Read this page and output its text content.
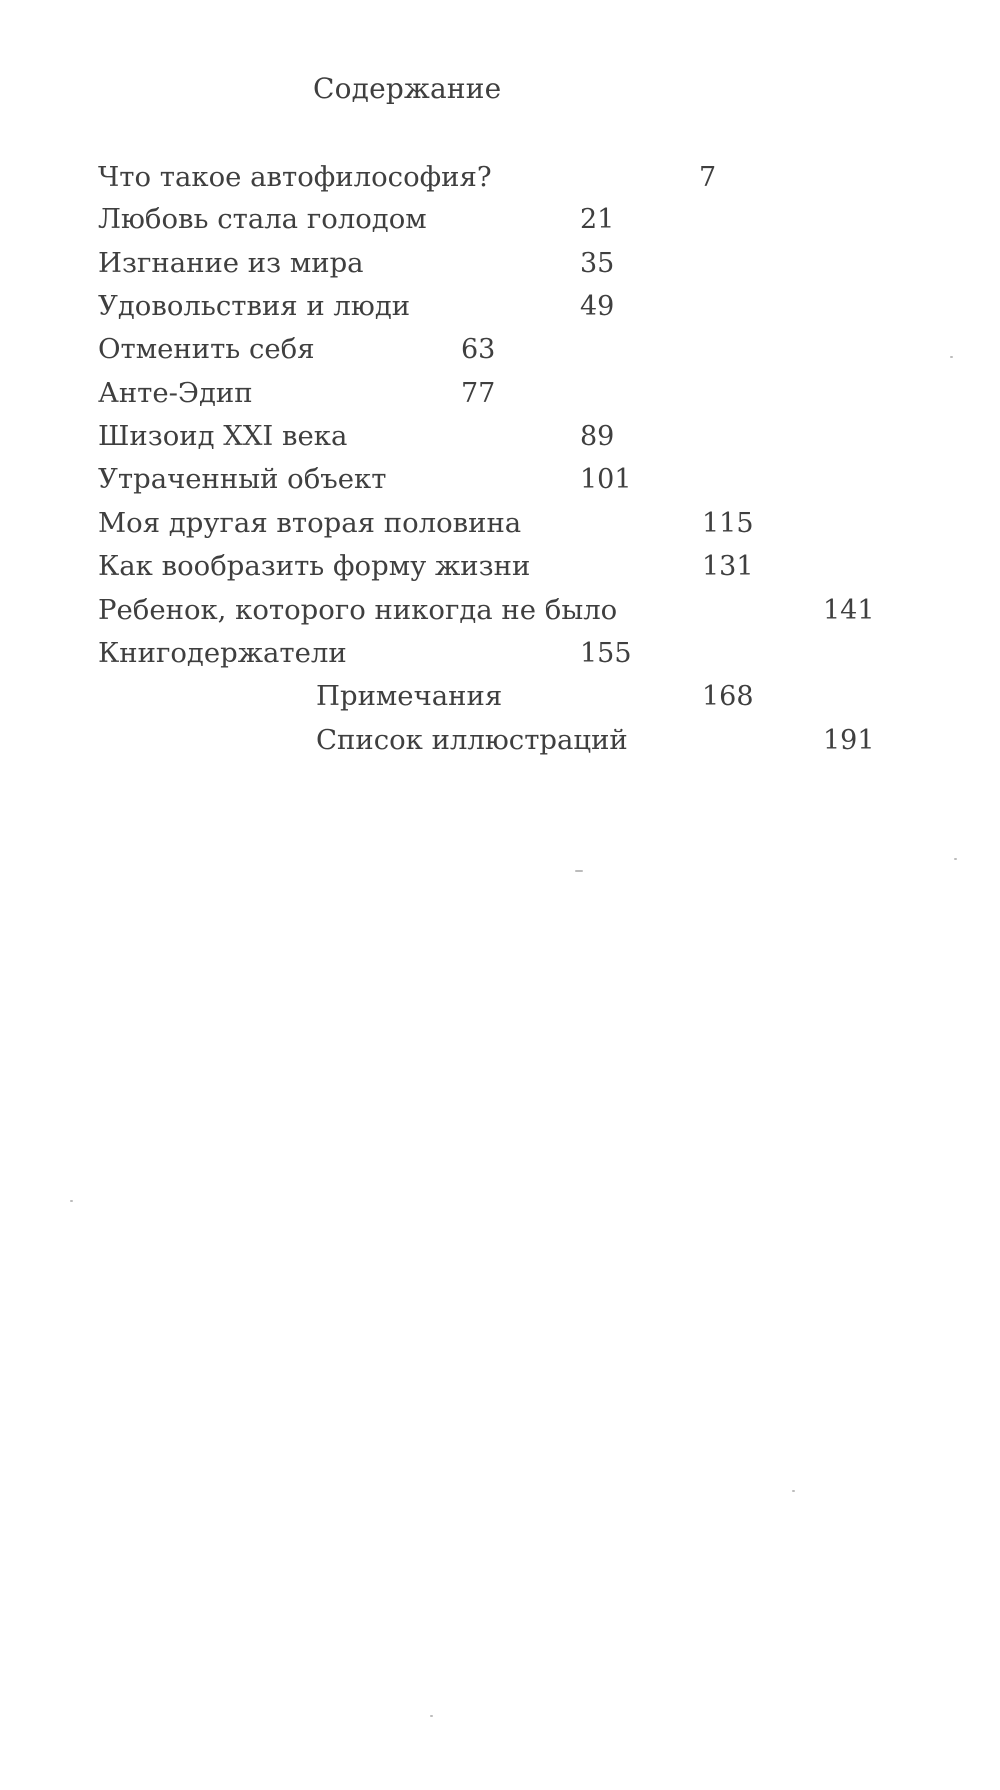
Содержание
Что такое автофилософия?	7
Любовь стала голодом	21
Изгнание из мира	35
Удовольствия и люди	49
Отменить себя	63
Анте-Эдип	77
Шизоид XXI века	89
Утраченный объект	101
Моя другая вторая половина	115
Как вообразить форму жизни	131
Ребенок, которого никогда не было	141
Книгодержатели	155
Примечания	168
Список иллюстраций	191
